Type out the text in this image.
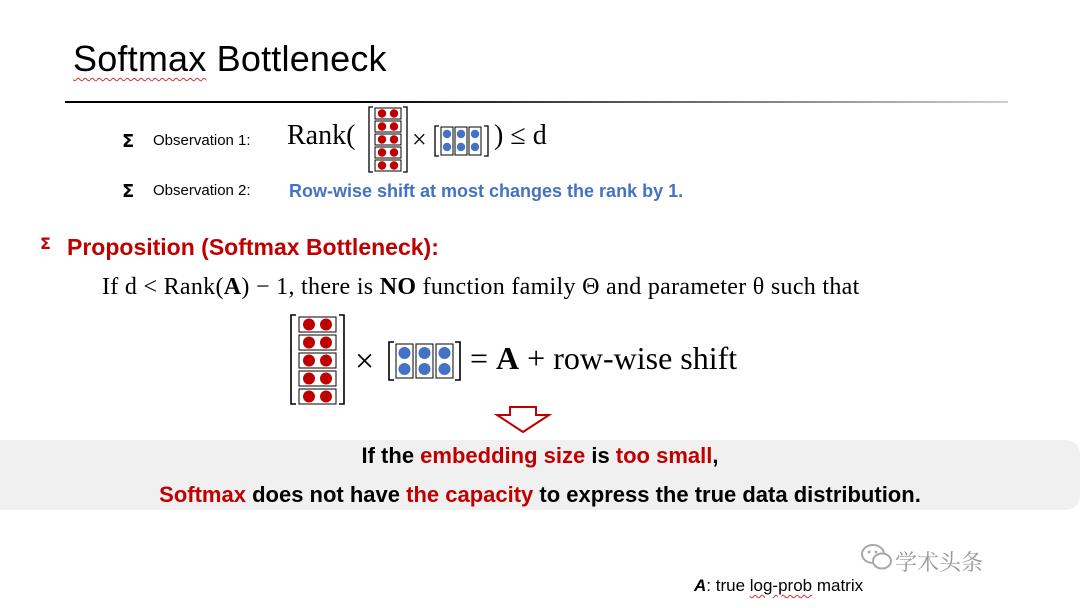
Softmax Bottleneck
Σ Observation 1: Rank( × ) ≤ d
Σ Observation 2: Row-wise shift at most changes the rank by 1.
Σ Proposition (Softmax Bottleneck):
If d < Rank(A) − 1, there is NO function family Θ and parameter θ such that
×	= A + row-wise shift
If the embedding size is too small,
Softmax does not have the capacity to express the true data distribution.
学术头条
A: true log-prob matrix
